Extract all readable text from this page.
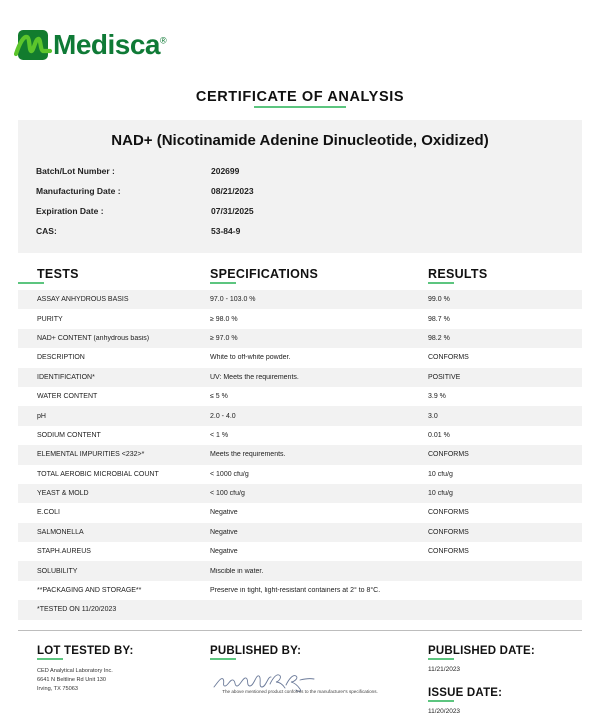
Medisca®
CERTIFICATE OF ANALYSIS
NAD+ (Nicotinamide Adenine Dinucleotide, Oxidized)
Batch/Lot Number :	202699
Manufacturing Date :	08/21/2023
Expiration Date :	07/31/2025
CAS:	53-84-9
TESTS	SPECIFICATIONS	RESULTS
ASSAY ANHYDROUS BASIS	97.0 - 103.0 %	99.0 %
PURITY	≥ 98.0 %	98.7 %
NAD+ CONTENT (anhydrous basis)	≥ 97.0 %	98.2 %
DESCRIPTION	White to off-white powder.	CONFORMS
IDENTIFICATION*	UV: Meets the requirements.	POSITIVE
WATER CONTENT	≤ 5 %	3.9 %
pH	2.0 - 4.0	3.0
SODIUM CONTENT	< 1 %	0.01 %
ELEMENTAL IMPURITIES <232>*	Meets the requirements.	CONFORMS
TOTAL AEROBIC MICROBIAL COUNT	< 1000 cfu/g	10 cfu/g
YEAST & MOLD	< 100 cfu/g	10 cfu/g
E.COLI	Negative	CONFORMS
SALMONELLA	Negative	CONFORMS
STAPH.AUREUS	Negative	CONFORMS
SOLUBILITY	Miscible in water.
**PACKAGING AND STORAGE**	Preserve in tight, light-resistant containers at 2° to 8°C.
*TESTED ON 11/20/2023
LOT TESTED BY:
CED Analytical Laboratory Inc.
6641 N Beltline Rd Unit 130
Irving, TX 75063
PUBLISHED BY:	PUBLISHED DATE:
11/21/2023
ISSUE DATE:
11/20/2023
The above mentioned product conforms to the manufacturer's specifications.
